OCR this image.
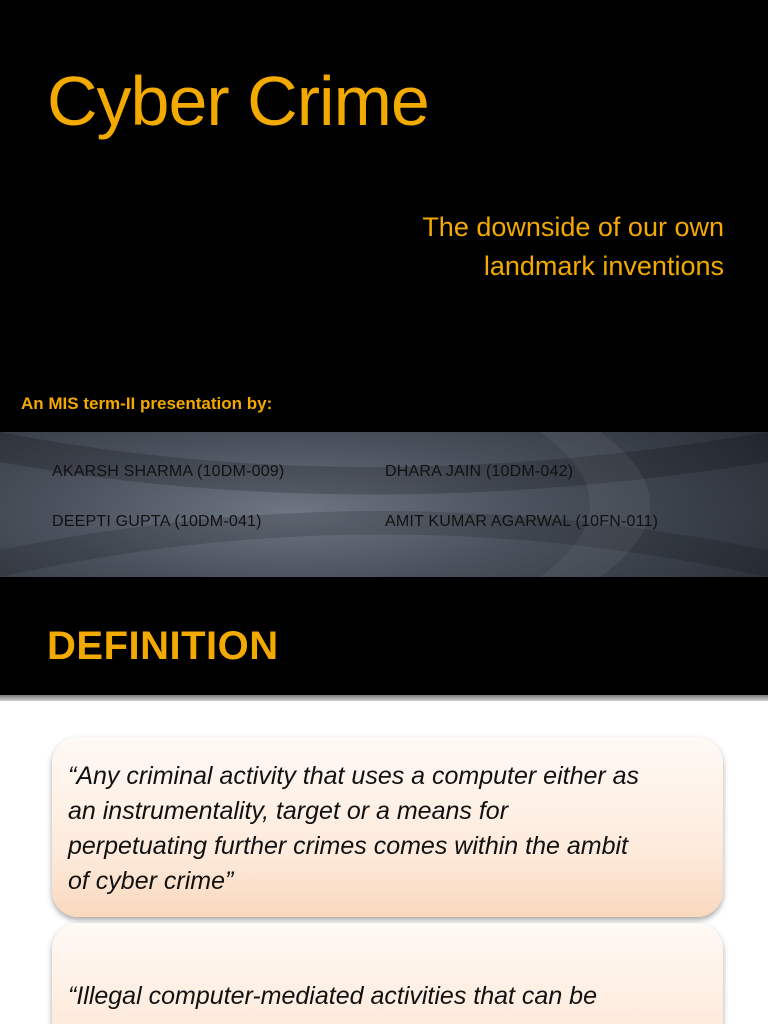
Cyber Crime

The downside of our own
landmark inventions

An MIS term-II presentation by:

AKARSH SHARMA (10DM-009)	DHARA JAIN (10DM-042)

DEEPTI GUPTA (10DM-041)	AMIT KUMAR AGARWAL (10FN-011)

DEFINITION

“Any criminal activity that uses a computer either as
an instrumentality, target or a means for
perpetuating further crimes comes within the ambit
of cyber crime”

“Illegal computer-mediated activities that can be
